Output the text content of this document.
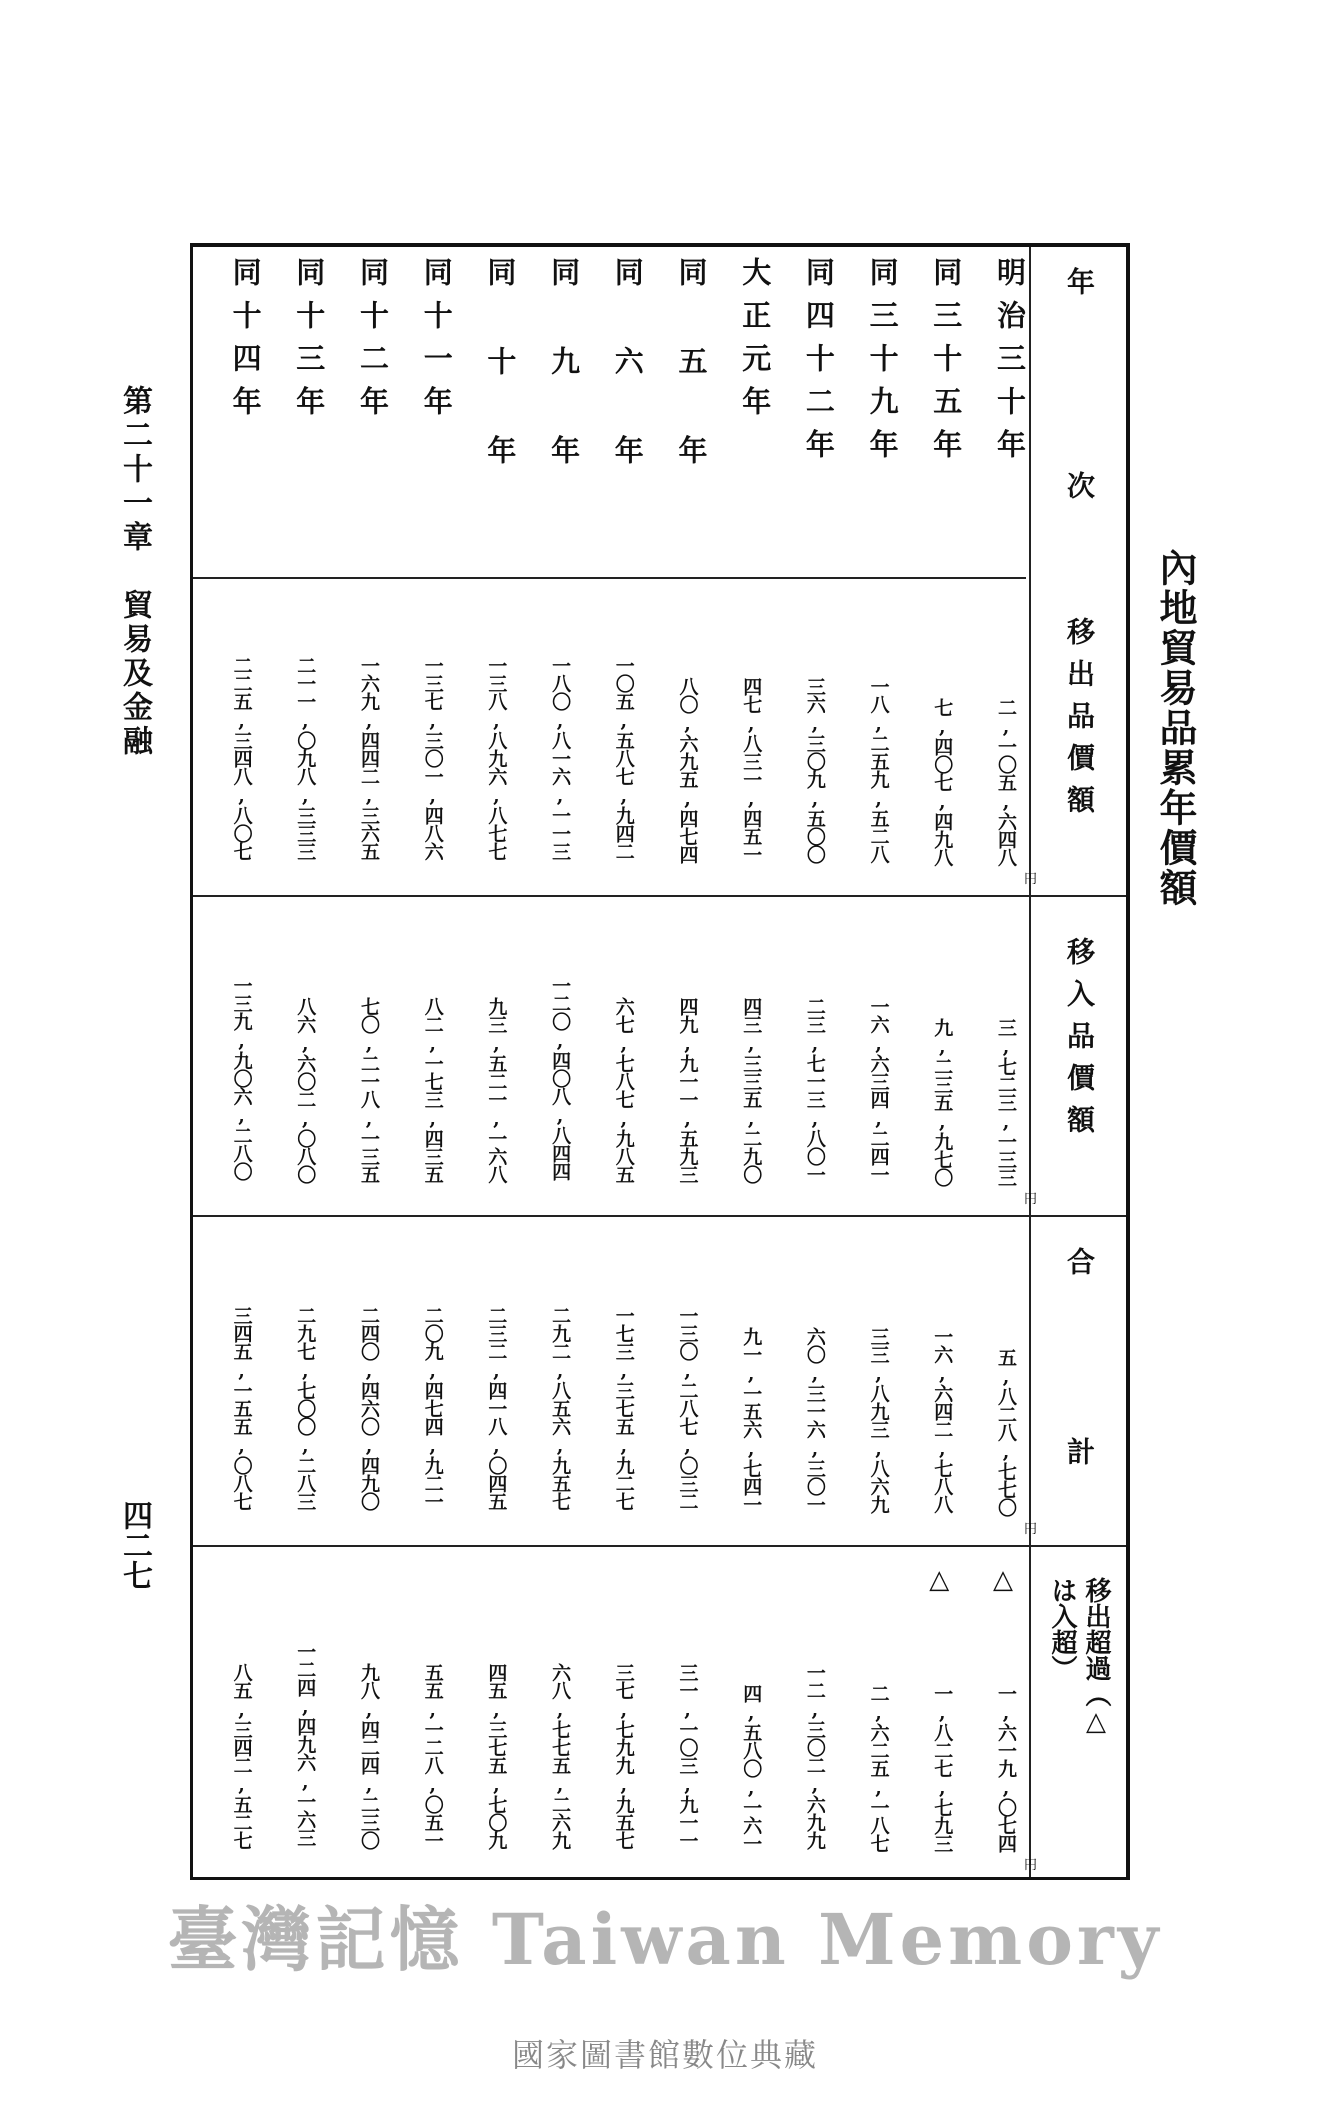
第二十一章　貿易及金融
四二七
內地貿易品累年價額
年　　次
移出品價額
移入品價額
合　　　　計
移出超過（△は入超）
明治三十年
二,一〇五,六四八
円
三,七二三,一三三
円
五,八二八,七七〇
円
一,六一九,〇七四
円
△
同三十五年
七,四〇七,四九八
九,二三五,九七〇
一六,六四二,七八八
一,八二七,七九三
△
同三十九年
一八,二五九,五二八
一六,六三四,二四一
三三,八九三,八六九
二,六二五,一八七
同四十二年
三六,三〇九,五〇〇
二三,七一三,八〇一
六〇,三一六,三〇一
一二,三〇二,六九九
大正元年
四七,八三一,四五一
四三,三三五,二九〇
九一,一五六,七四一
四,五八〇,一六一
同五年
八〇,六九五,四七四
四九,九一一,五九三
一三〇,二八七,〇三二
三一,一〇三,九一一
同六年
一〇五,五八七,九四二
六七,七八七,九八五
一七三,三七五,九二七
三七,七九九,九五七
同九年
一八〇,八一六,一一三
一二〇,四〇八,八四四
二九二,八五六,九五七
六八,七七五,二六九
同十年
一三八,八九六,八七七
九三,五二一,一六八
二三二,四一八,〇四五
四五,三七五,七〇九
同十一年
一三七,三〇一,四八六
八二,一七三,四三五
二〇九,四七四,九二一
五五,一二八,〇五一
同十二年
一六九,四四二,三六五
七〇,二一八,一三五
二四〇,四六〇,四九〇
九八,四二四,二三〇
同十三年
二一一,〇九八,三三三
八六,六〇二,〇八〇
二九七,七〇〇,二八三
一二四,四九六,一六三
同十四年
二二五,三四八,八〇七
一三九,九〇六,二八〇
三四五,一五五,〇八七
八五,三四二,五二七
臺灣記憶 Taiwan Memory
國家圖書館數位典藏
